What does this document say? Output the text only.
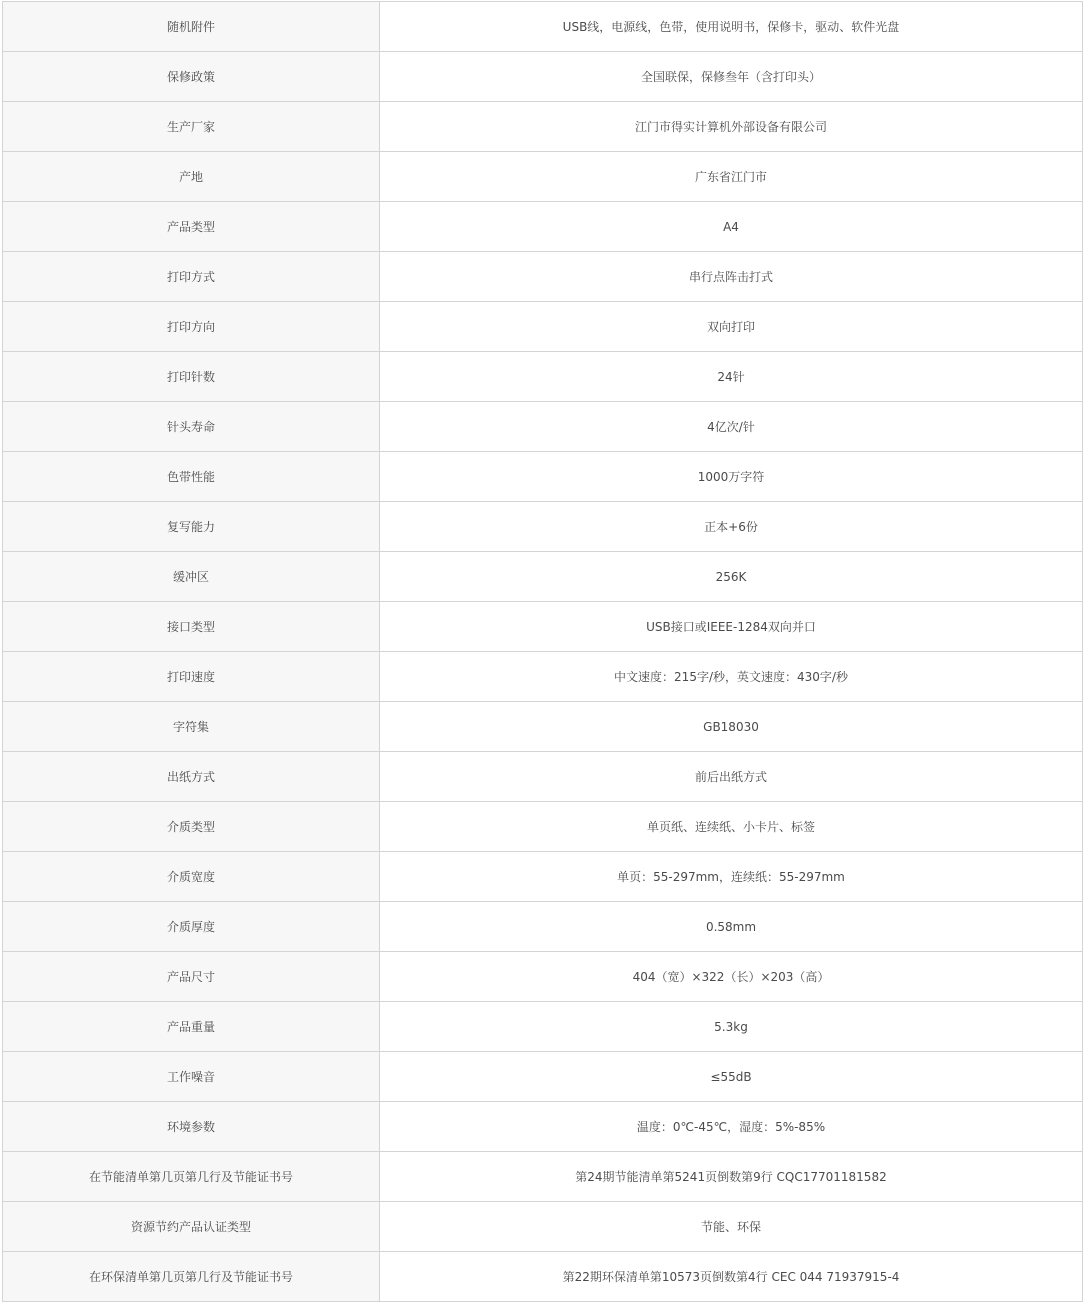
随机附件	USB线，电源线，色带，使用说明书，保修卡，驱动、软件光盘
保修政策	全国联保，保修叁年（含打印头）
生产厂家	江门市得实计算机外部设备有限公司
产地	广东省江门市
产品类型	A4
打印方式	串行点阵击打式
打印方向	双向打印
打印针数	24针
针头寿命	4亿次/针
色带性能	1000万字符
复写能力	正本+6份
缓冲区	256K
接口类型	USB接口或IEEE-1284双向并口
打印速度	中文速度：215字/秒，英文速度：430字/秒
字符集	GB18030
出纸方式	前后出纸方式
介质类型	单页纸、连续纸、小卡片、标签
介质宽度	单页：55-297mm，连续纸：55-297mm
介质厚度	0.58mm
产品尺寸	404（宽）×322（长）×203（高）
产品重量	5.3kg
工作噪音	≤55dB
环境参数	温度：0℃-45℃，湿度：5%-85%
在节能清单第几页第几行及节能证书号	第24期节能清单第5241页倒数第9行 CQC17701181582
资源节约产品认证类型	节能、环保
在环保清单第几页第几行及节能证书号	第22期环保清单第10573页倒数第4行 CEC 044 71937915-4
